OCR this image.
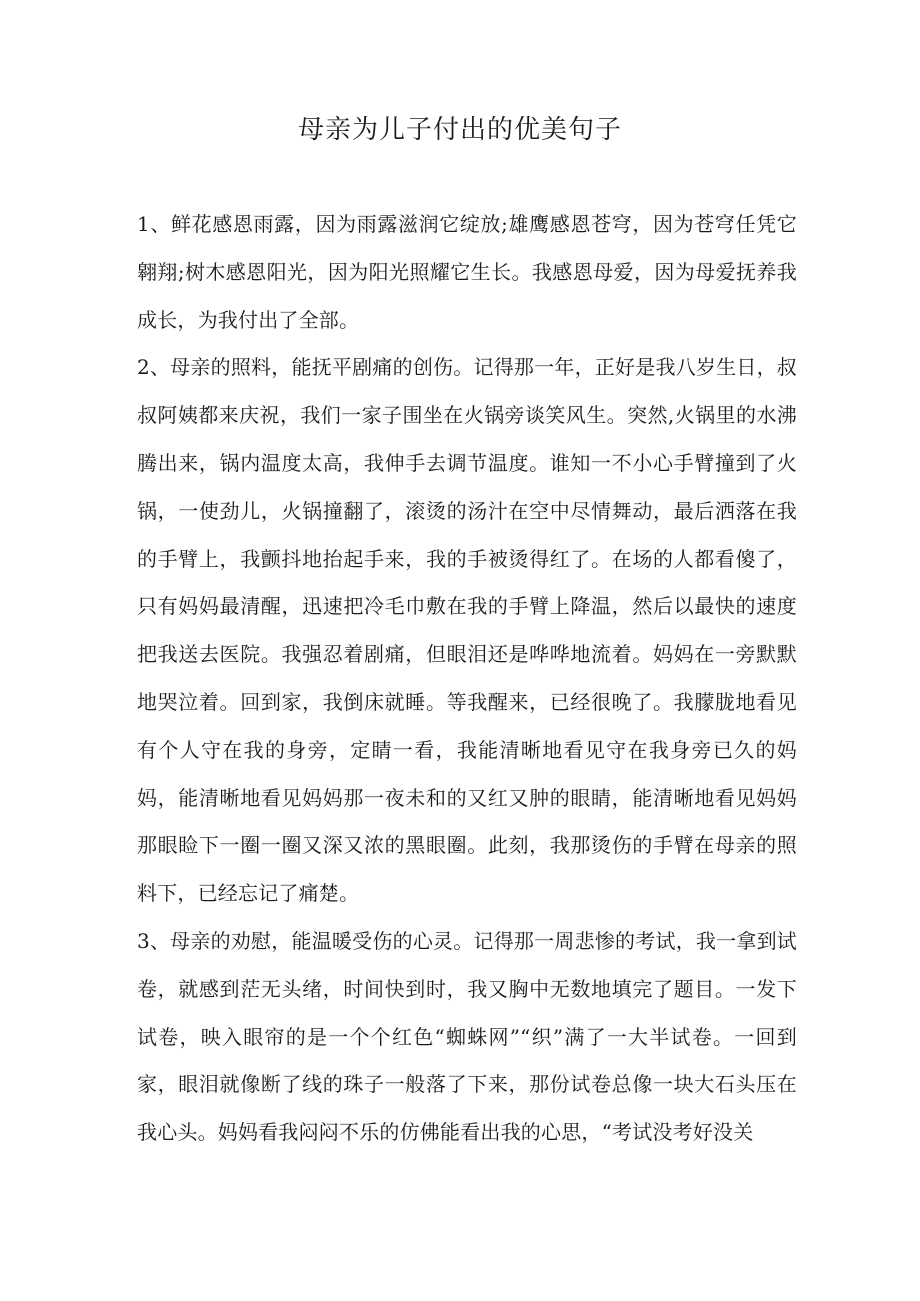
母亲为儿子付出的优美句子

1、鲜花感恩雨露，因为雨露滋润它绽放;雄鹰感恩苍穹，因为苍穹任凭它翱翔;树木感恩阳光，因为阳光照耀它生长。我感恩母爱，因为母爱抚养我成长，为我付出了全部。

2、母亲的照料，能抚平剧痛的创伤。记得那一年，正好是我八岁生日，叔叔阿姨都来庆祝，我们一家子围坐在火锅旁谈笑风生。突然,火锅里的水沸腾出来，锅内温度太高，我伸手去调节温度。谁知一不小心手臂撞到了火锅，一使劲儿，火锅撞翻了，滚烫的汤汁在空中尽情舞动，最后洒落在我的手臂上，我颤抖地抬起手来，我的手被烫得红了。在场的人都看傻了，只有妈妈最清醒，迅速把冷毛巾敷在我的手臂上降温，然后以最快的速度把我送去医院。我强忍着剧痛，但眼泪还是哗哗地流着。妈妈在一旁默默地哭泣着。回到家，我倒床就睡。等我醒来，已经很晚了。我朦胧地看见有个人守在我的身旁，定睛一看，我能清晰地看见守在我身旁已久的妈妈，能清晰地看见妈妈那一夜未和的又红又肿的眼睛，能清晰地看见妈妈那眼睑下一圈一圈又深又浓的黑眼圈。此刻，我那烫伤的手臂在母亲的照料下，已经忘记了痛楚。

3、母亲的劝慰，能温暖受伤的心灵。记得那一周悲惨的考试，我一拿到试卷，就感到茫无头绪，时间快到时，我又胸中无数地填完了题目。一发下试卷，映入眼帘的是一个个红色“蜘蛛网”“织”满了一大半试卷。一回到家，眼泪就像断了线的珠子一般落了下来，那份试卷总像一块大石头压在我心头。妈妈看我闷闷不乐的仿佛能看出我的心思，“考试没考好没关
